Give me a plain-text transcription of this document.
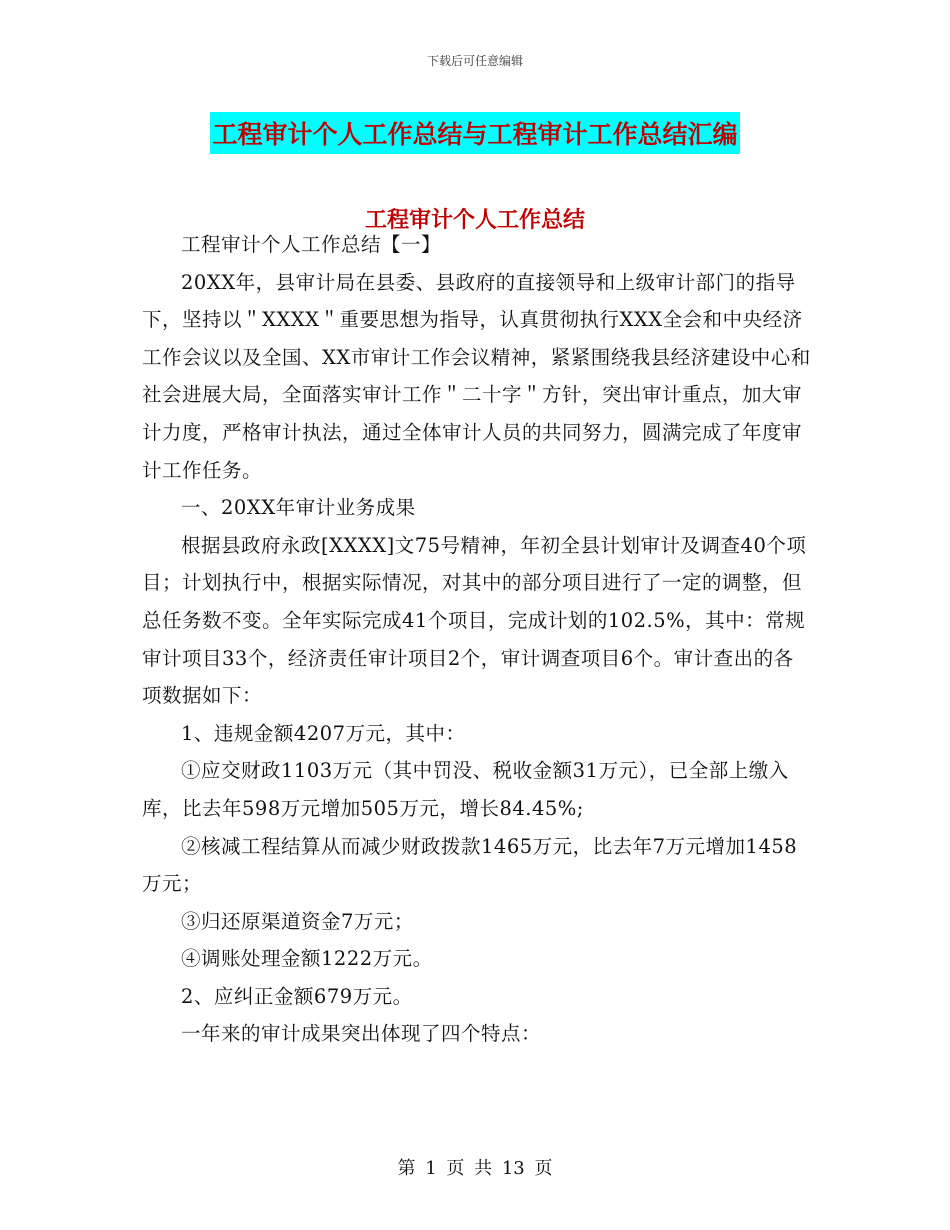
下载后可任意编辑
工程审计个人工作总结与工程审计工作总结汇编
工程审计个人工作总结

工程审计个人工作总结【一】

20XX年，县审计局在县委、县政府的直接领导和上级审计部门的指导下，坚持以＂XXXX＂重要思想为指导，认真贯彻执行XXX全会和中央经济工作会议以及全国、XX市审计工作会议精神，紧紧围绕我县经济建设中心和社会进展大局，全面落实审计工作＂二十字＂方针，突出审计重点，加大审计力度，严格审计执法，通过全体审计人员的共同努力，圆满完成了年度审计工作任务。

一、20XX年审计业务成果

根据县政府永政[XXXX]文75号精神，年初全县计划审计及调查40个项目；计划执行中，根据实际情况，对其中的部分项目进行了一定的调整，但总任务数不变。全年实际完成41个项目，完成计划的102.5%，其中：常规审计项目33个，经济责任审计项目2个，审计调查项目6个。审计查出的各项数据如下：

1、违规金额4207万元，其中：

①应交财政1103万元（其中罚没、税收金额31万元），已全部上缴入库，比去年598万元增加505万元，增长84.45%;

②核减工程结算从而减少财政拨款1465万元，比去年7万元增加1458万元；

③归还原渠道资金7万元；

④调账处理金额1222万元。

2、应纠正金额679万元。

一年来的审计成果突出体现了四个特点：

第 1 页 共 13 页
